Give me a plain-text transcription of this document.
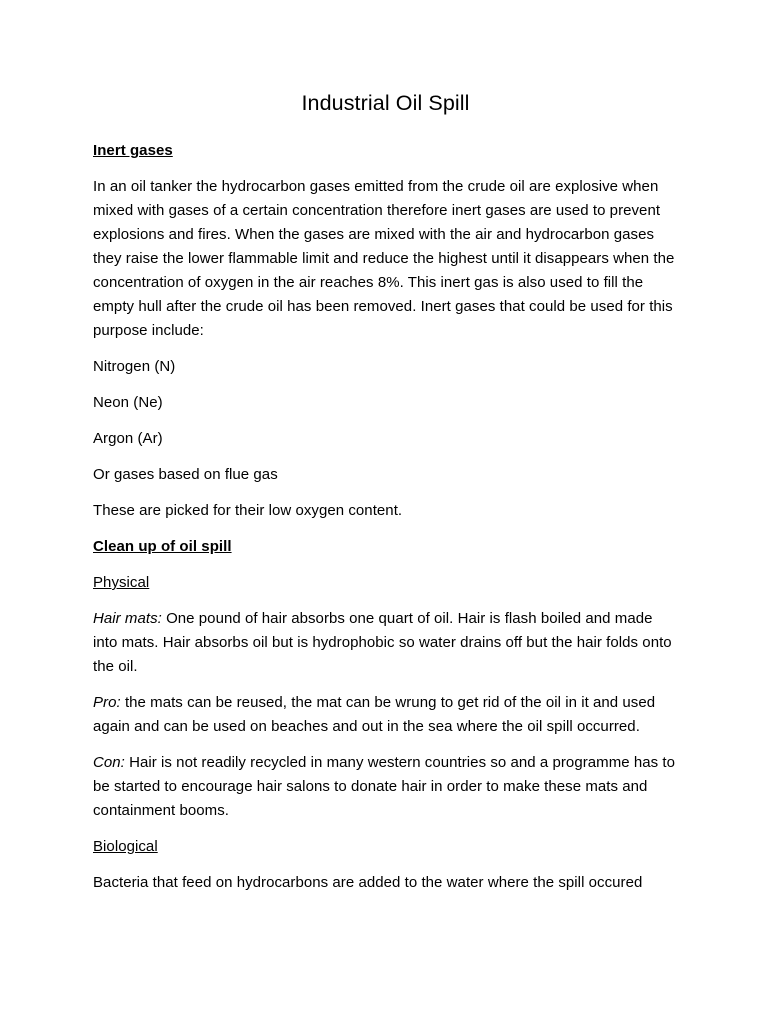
Industrial Oil Spill

Inert gases

In an oil tanker the hydrocarbon gases emitted from the crude oil are explosive when mixed with gases of a certain concentration therefore inert gases are used to prevent explosions and fires. When the gases are mixed with the air and hydrocarbon gases they raise the lower flammable limit and reduce the highest until it disappears when the concentration of oxygen in the air reaches 8%. This inert gas is also used to fill the empty hull after the crude oil has been removed. Inert gases that could be used for this purpose include:

Nitrogen (N)

Neon (Ne)

Argon (Ar)

Or gases based on flue gas

These are picked for their low oxygen content.

Clean up of oil spill

Physical

Hair mats: One pound of hair absorbs one quart of oil. Hair is flash boiled and made into mats. Hair absorbs oil but is hydrophobic so water drains off but the hair folds onto the oil.

Pro: the mats can be reused, the mat can be wrung to get rid of the oil in it and used again and can be used on beaches and out in the sea where the oil spill occurred.

Con: Hair is not readily recycled in many western countries so and a programme has to be started to encourage hair salons to donate hair in order to make these mats and containment booms.

Biological

Bacteria that feed on hydrocarbons are added to the water where the spill occured
